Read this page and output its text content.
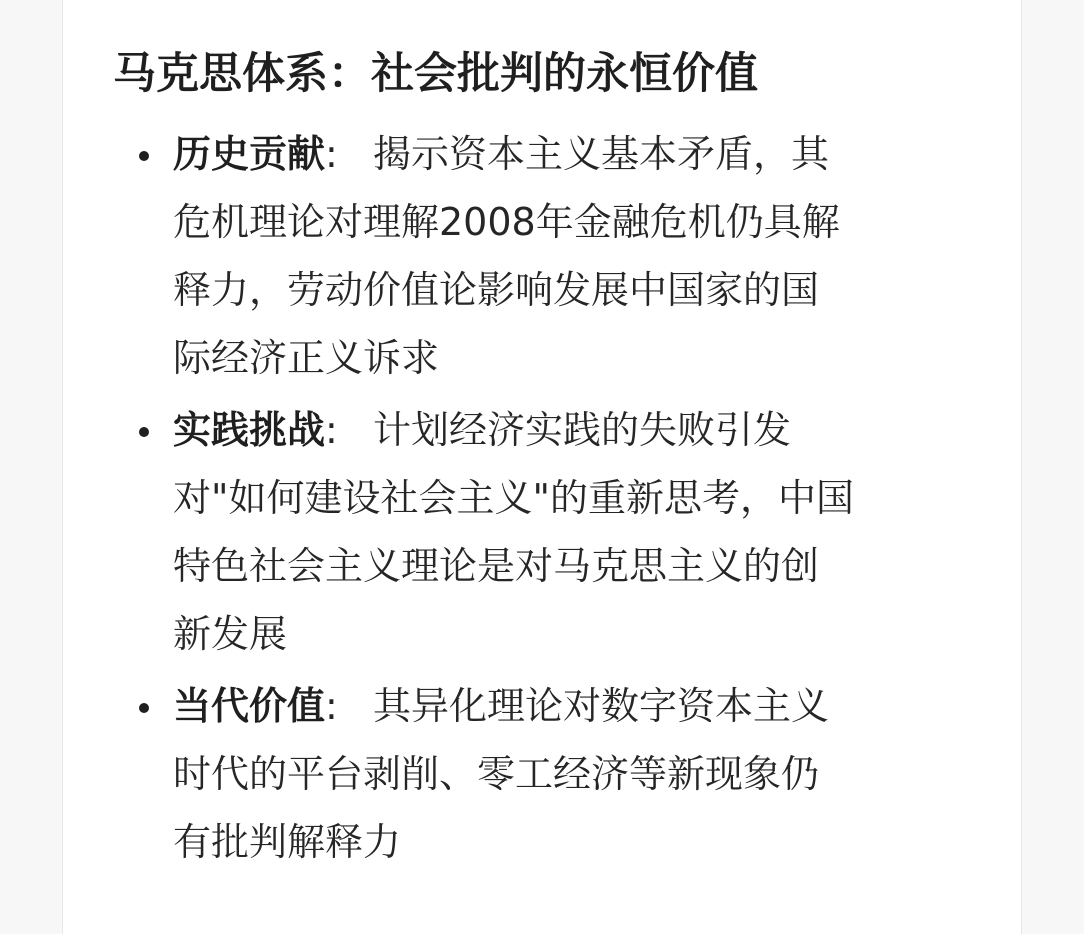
马克思体系：社会批判的永恒价值
历史贡献: 揭示资本主义基本矛盾，其
危机理论对理解2008年金融危机仍具解
释力，劳动价值论影响发展中国家的国
际经济正义诉求
实践挑战: 计划经济实践的失败引发
对"如何建设社会主义"的重新思考，中国
特色社会主义理论是对马克思主义的创
新发展
当代价值: 其异化理论对数字资本主义
时代的平台剥削、零工经济等新现象仍
有批判解释力
